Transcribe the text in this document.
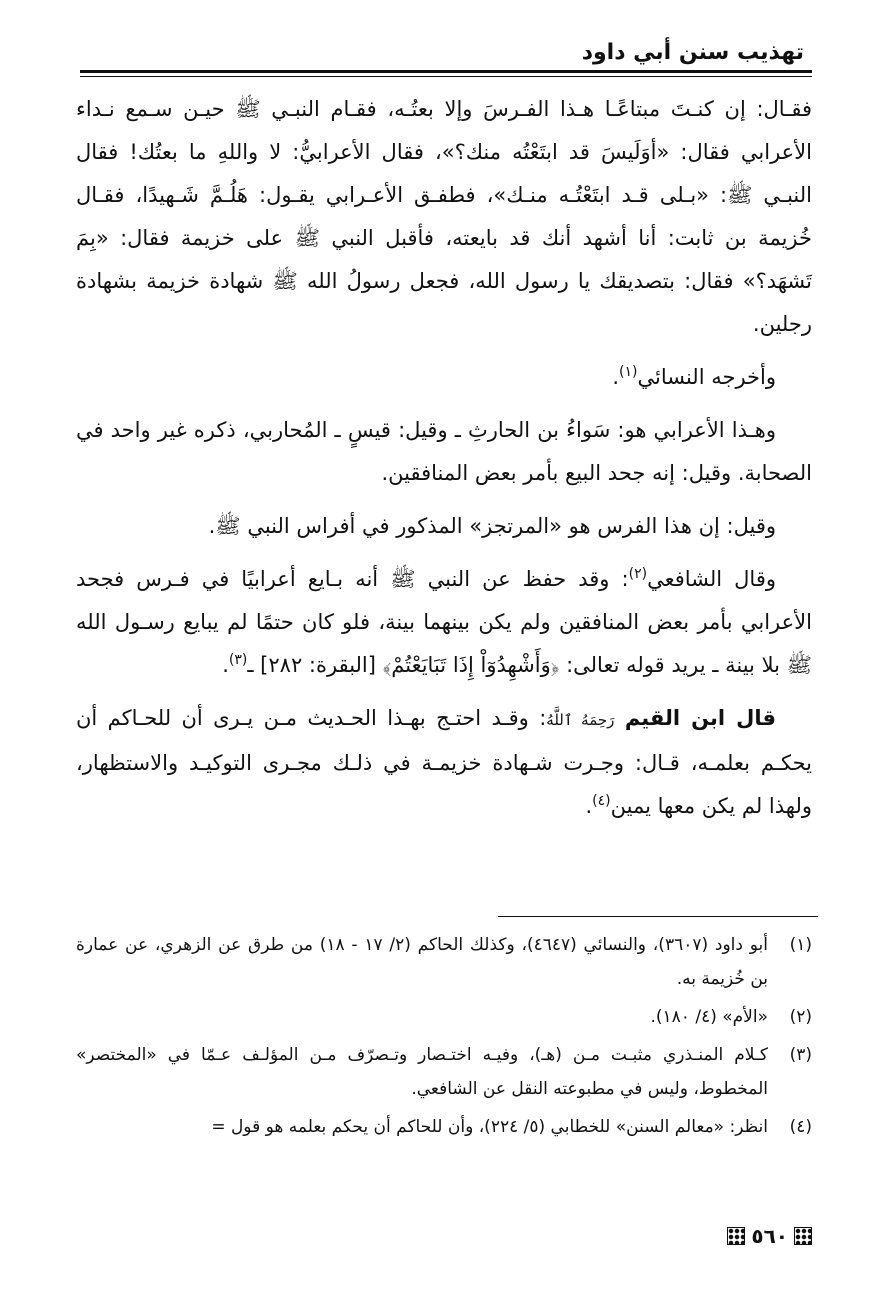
تهذيب سنن أبي داود

فقـال: إن كنـتَ مبتاعًـا هـذا الفـرسَ وإلا بعتُـه، فقـام النبـي ﷺ حيـن سـمع نـداء الأعرابي فقال: «أوَلَيسَ قد ابتَعْتُه منك؟»، فقال الأعرابيُّ: لا واللهِ ما بعتُك! فقال النبـي ﷺ: «بـلى قـد ابتَعْتُـه منـك»، فطفـق الأعـرابي يقـول: هَلُـمَّ شَـهيدًا، فقـال خُزيمة بن ثابت: أنا أشهد أنك قد بايعته، فأقبل النبي ﷺ على خزيمة فقال: «بِمَ تَشهَد؟» فقال: بتصديقك يا رسول الله، فجعل رسولُ الله ﷺ شهادة خزيمة بشهادة رجلين.

وأخرجه النسائي$^{(١)}$.

وهـذا الأعرابي هو: سَواءُ بن الحارثِ ـ وقيل: قيسٍ ـ المُحاربي، ذكره غير واحد في الصحابة. وقيل: إنه جحد البيع بأمر بعض المنافقين.

وقيل: إن هذا الفرس هو «المرتجز» المذكور في أفراس النبي ﷺ.

وقال الشافعي$^{(٢)}$: وقد حفظ عن النبي ﷺ أنه بـايع أعرابيًا في فـرس فجحد الأعرابي بأمر بعض المنافقين ولم يكن بينهما بينة، فلو كان حتمًا لم يبايع رسـول الله ﷺ بلا بينة ـ يريد قوله تعالى: ﴿وَأَشْهِدُوٓاْ إِذَا تَبَايَعْتُمْ﴾ [البقرة: ٢٨٢] ـ$^{(٣)}$.

قال ابن القيم رَحِمَهُ ٱللَّهُ: وقـد احتـج بهـذا الحـديث مـن يـرى أن للحـاكم أن يحكـم بعلمـه، قـال: وجـرت شـهادة خزيمـة في ذلـك مجـرى التوكيـد والاستظهار، ولهذا لم يكن معها يمين$^{(٤)}$.

(١)
أبو داود (٣٦٠٧)، والنسائي (٤٦٤٧)، وكذلك الحاكم (٢/ ١٧ - ١٨) من طرق عن الزهري، عن عمارة بن خُزيمة به.
(٢)
«الأم» (٤/ ١٨٠).
(٣)
كـلام المنـذري مثبـت مـن (هـ)، وفيـه اختـصار وتـصرّف مـن المؤلـف عـمّا في «المختصر» المخطوط، وليس في مطبوعته النقل عن الشافعي.
(٤)
انظر: «معالم السنن» للخطابي (٥/ ٢٢٤)، وأن للحاكم أن يحكم بعلمه هو قول =
٥٦٠
